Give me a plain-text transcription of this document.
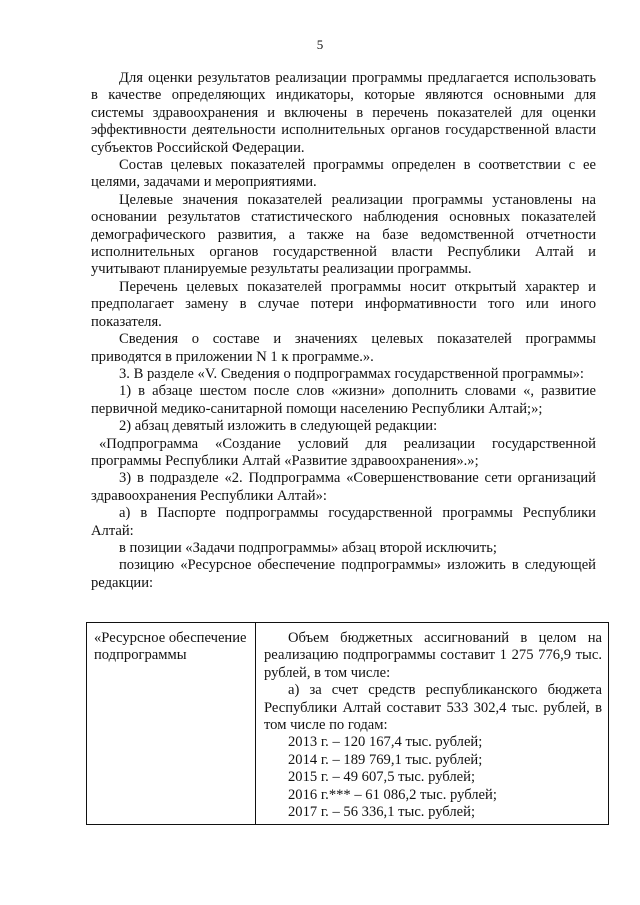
5

Для оценки результатов реализации программы предлагается использовать в качестве определяющих индикаторы, которые являются основными для системы здравоохранения и включены в перечень показателей для оценки эффективности деятельности исполнительных органов государственной власти субъектов Российской Федерации.

Состав целевых показателей программы определен в соответствии с ее целями, задачами и мероприятиями.

Целевые значения показателей реализации программы установлены на основании результатов статистического наблюдения основных показателей демографического развития, а также на базе ведомственной отчетности исполнительных органов государственной власти Республики Алтай и учитывают планируемые результаты реализации программы.

Перечень целевых показателей программы носит открытый характер и предполагает замену в случае потери информативности того или иного показателя.

Сведения о составе и значениях целевых показателей программы приводятся в приложении N 1 к программе.».

3. В разделе «V. Сведения о подпрограммах государственной программы»:

1) в абзаце шестом после слов «жизни» дополнить словами «, развитие первичной медико-санитарной помощи населению Республики Алтай;»;

2) абзац девятый изложить в следующей редакции:

«Подпрограмма «Создание условий для реализации государственной программы Республики Алтай «Развитие здравоохранения».»;

3) в подразделе «2. Подпрограмма «Совершенствование сети организаций здравоохранения Республики Алтай»:

а) в Паспорте подпрограммы государственной программы Республики Алтай:

в позиции «Задачи подпрограммы» абзац второй исключить;

позицию «Ресурсное обеспечение подпрограммы» изложить в следующей редакции:

«Ресурсное обеспечение подпрограммы

Объем бюджетных ассигнований в целом на реализацию подпрограммы составит 1 275 776,9 тыс. рублей, в том числе:

а) за счет средств республиканского бюджета Республики Алтай составит 533 302,4 тыс. рублей, в том числе по годам:

2013 г. – 120 167,4 тыс. рублей;

2014 г. – 189 769,1 тыс. рублей;

2015 г. – 49 607,5 тыс. рублей;

2016 г.*** – 61 086,2 тыс. рублей;

2017 г. – 56 336,1 тыс. рублей;
